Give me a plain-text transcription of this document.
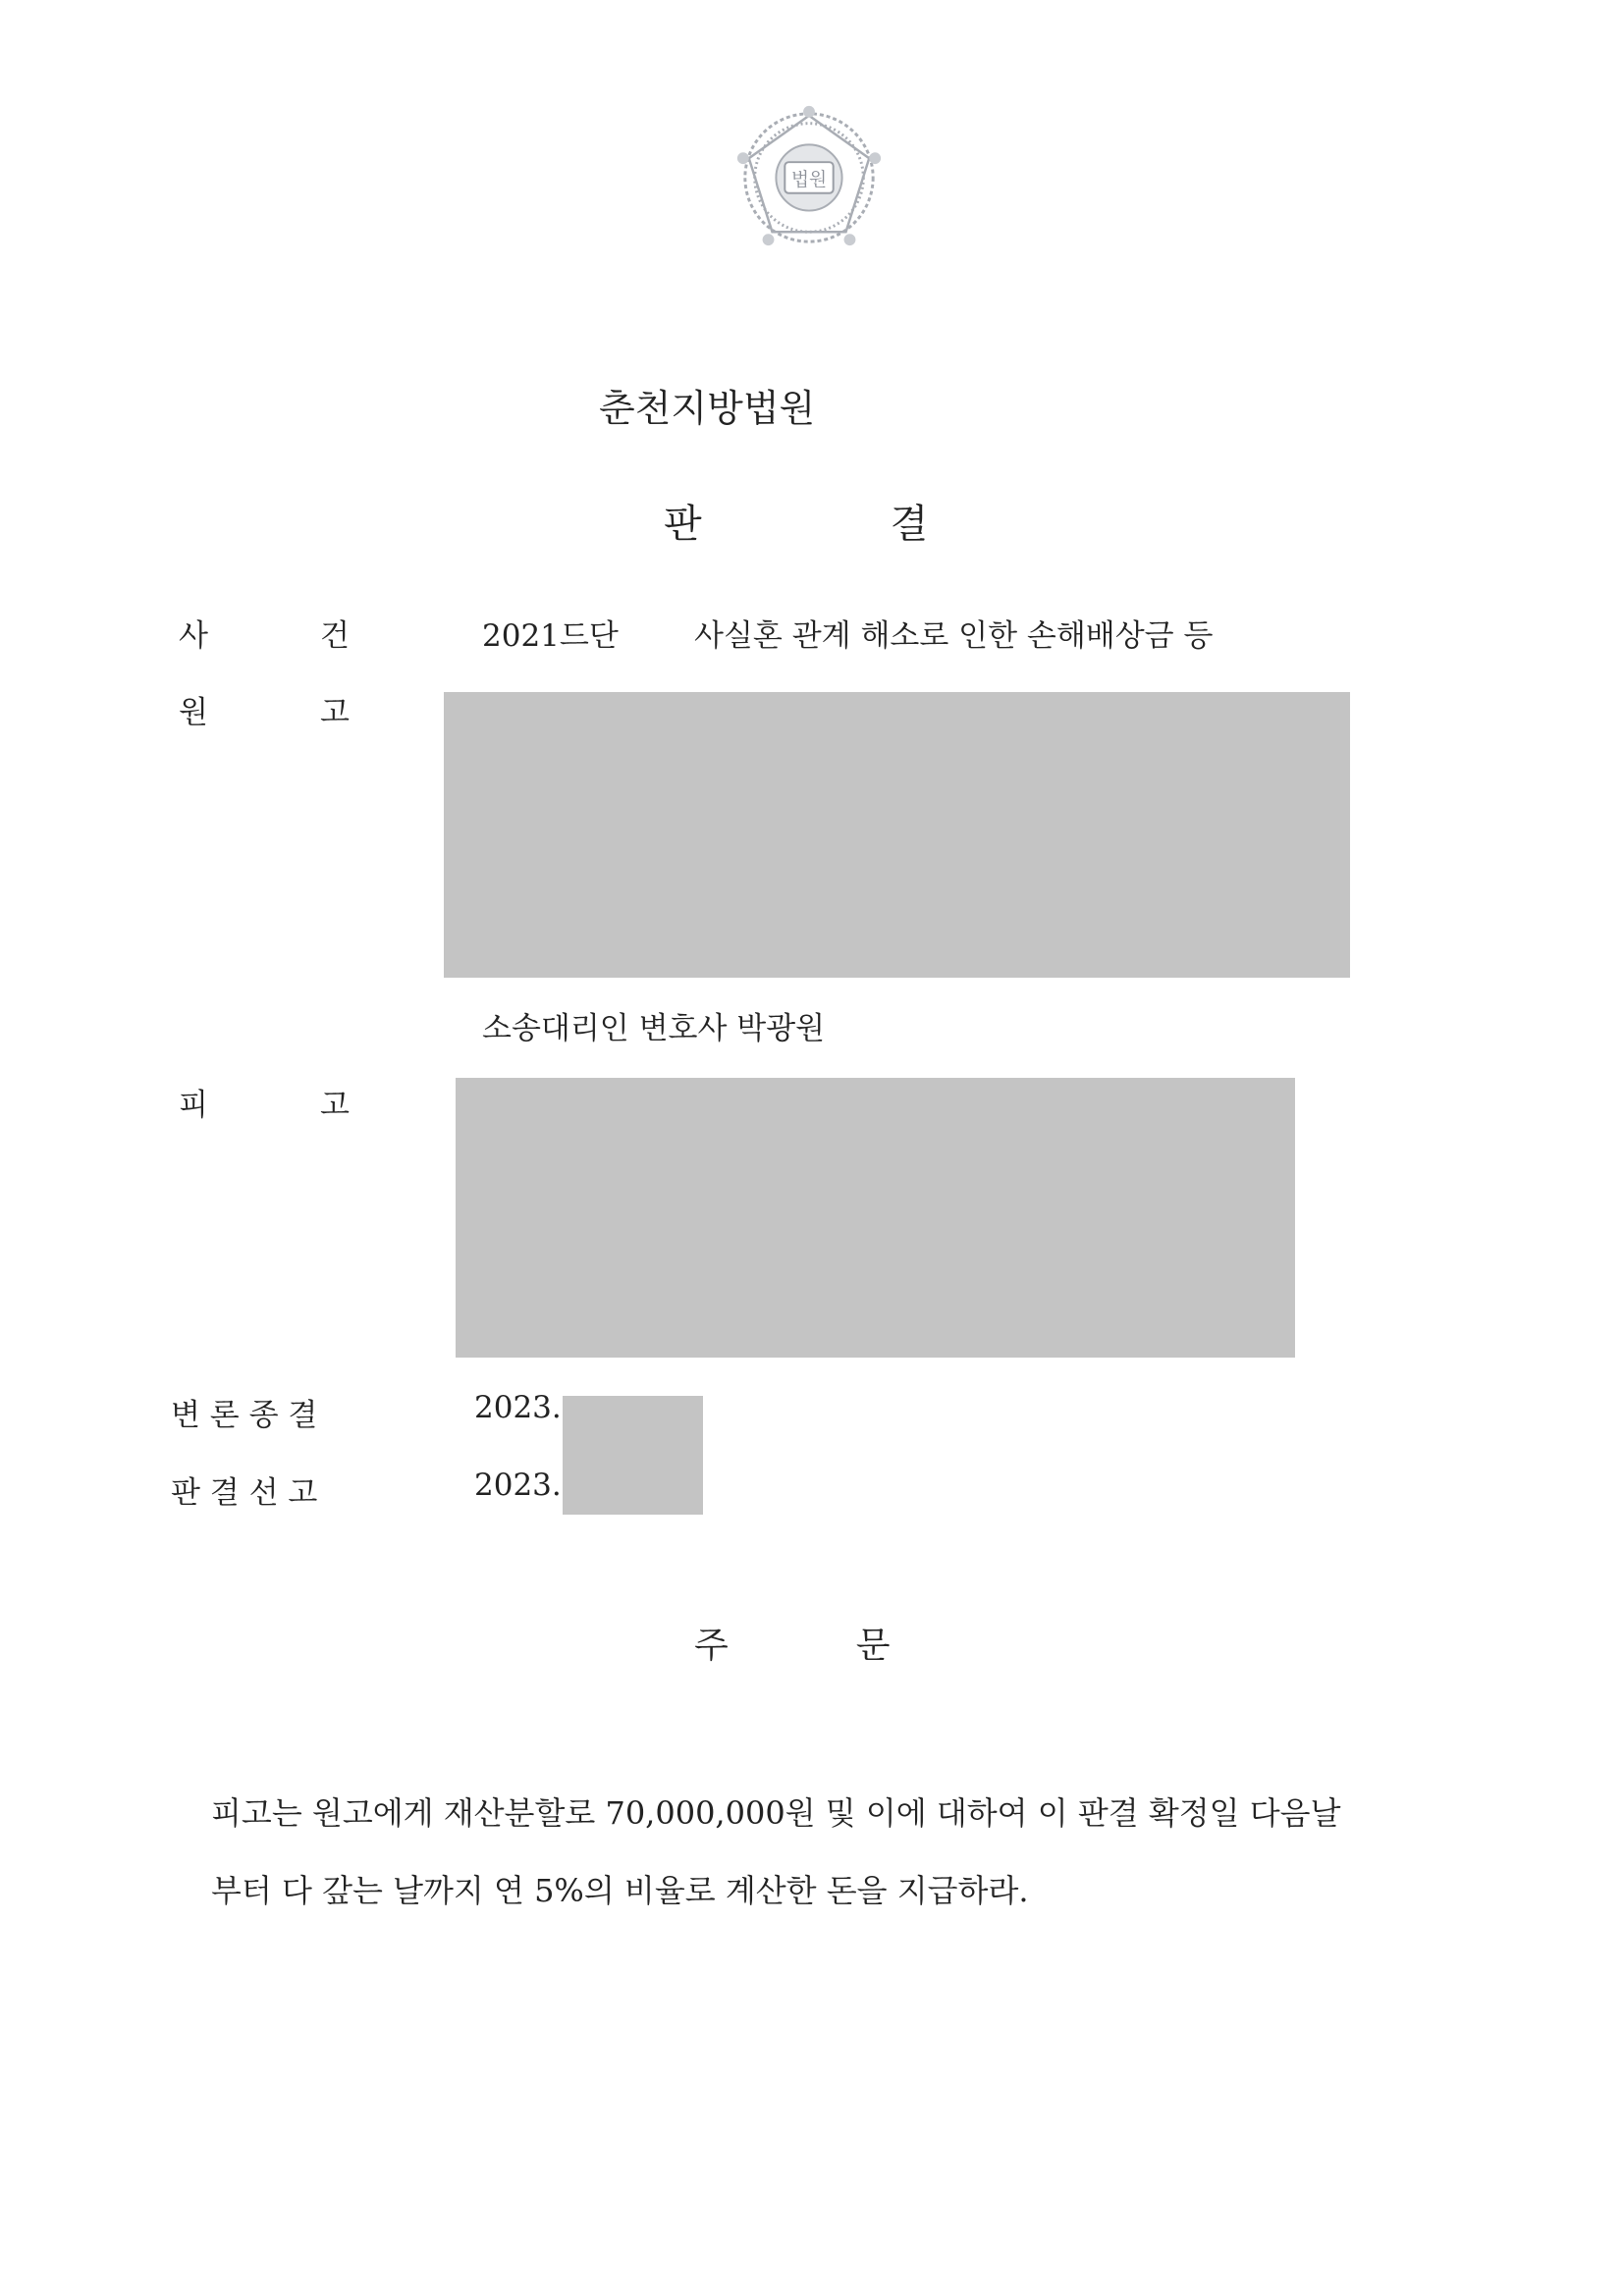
법원
춘천지방법원
판	결
사	건	2021드단 사실혼 관계 해소로 인한 손해배상금 등
원	고
소송대리인 변호사 박광원
피	고
변 론 종 결	2023.
판 결 선 고	2023.
주	문
피고는 원고에게 재산분할로 70,000,000원 및 이에 대하여 이 판결 확정일 다음날
부터 다 갚는 날까지 연 5%의 비율로 계산한 돈을 지급하라.
